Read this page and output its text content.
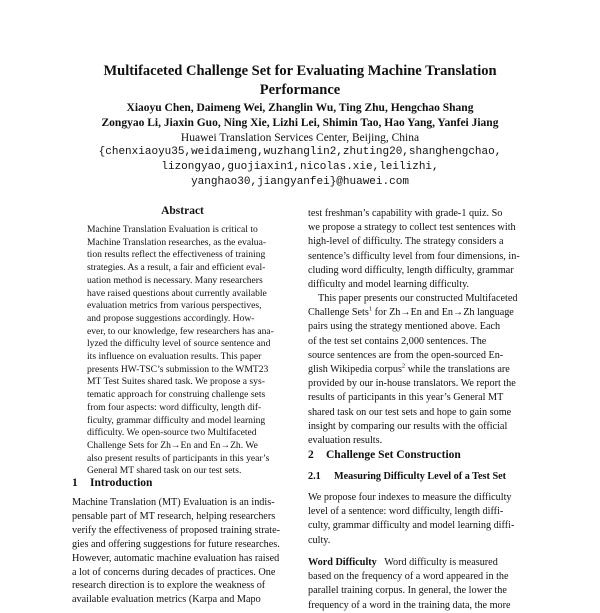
Multifaceted Challenge Set for Evaluating Machine Translation
Performance
Xiaoyu Chen, Daimeng Wei, Zhanglin Wu, Ting Zhu, Hengchao Shang
Zongyao Li, Jiaxin Guo, Ning Xie, Lizhi Lei, Shimin Tao, Hao Yang, Yanfei Jiang
Huawei Translation Services Center, Beijing, China
{chenxiaoyu35,weidaimeng,wuzhanglin2,zhuting20,shanghengchao,
lizongyao,guojiaxin1,nicolas.xie,leilizhi,
yanghao30,jiangyanfei}@huawei.com
Abstract
Machine Translation Evaluation is critical to
Machine Translation researches, as the evalua-
tion results reflect the effectiveness of training
strategies. As a result, a fair and efficient eval-
uation method is necessary. Many researchers
have raised questions about currently available
evaluation metrics from various perspectives,
and propose suggestions accordingly. How-
ever, to our knowledge, few researchers has ana-
lyzed the difficulty level of source sentence and
its influence on evaluation results. This paper
presents HW-TSC’s submission to the WMT23
MT Test Suites shared task. We propose a sys-
tematic approach for construing challenge sets
from four aspects: word difficulty, length dif-
ficulty, grammar difficulty and model learning
difficulty. We open-source two Multifaceted
Challenge Sets for Zh→En and En→Zh. We
also present results of participants in this year’s
General MT shared task on our test sets.
1 Introduction
Machine Translation (MT) Evaluation is an indis-
pensable part of MT research, helping researchers
verify the effectiveness of proposed training strate-
gies and offering suggestions for future researches.
However, automatic machine evaluation has raised
a lot of concerns during decades of practices. One
research direction is to explore the weakness of
available evaluation metrics (Karpa and Mapo
test freshman’s capability with grade-1 quiz. So
we propose a strategy to collect test sentences with
high-level of difficulty. The strategy considers a
sentence’s difficulty level from four dimensions, in-
cluding word difficulty, length difficulty, grammar
difficulty and model learning difficulty.
This paper presents our constructed Multifaceted
Challenge Sets$^1$ for Zh→En and En→Zh language
pairs using the strategy mentioned above. Each
of the test set contains 2,000 sentences. The
source sentences are from the open-sourced En-
glish Wikipedia corpus$^2$ while the translations are
provided by our in-house translators. We report the
results of participants in this year’s General MT
shared task on our test sets and hope to gain some
insight by comparing our results with the official
evaluation results.
2 Challenge Set Construction
2.1 Measuring Difficulty Level of a Test Set
We propose four indexes to measure the difficulty
level of a sentence: word difficulty, length diffi-
culty, grammar difficulty and model learning diffi-
culty.
Word Difficulty   Word difficulty is measured
based on the frequency of a word appeared in the
parallel training corpus. In general, the lower the
frequency of a word in the training data, the more
